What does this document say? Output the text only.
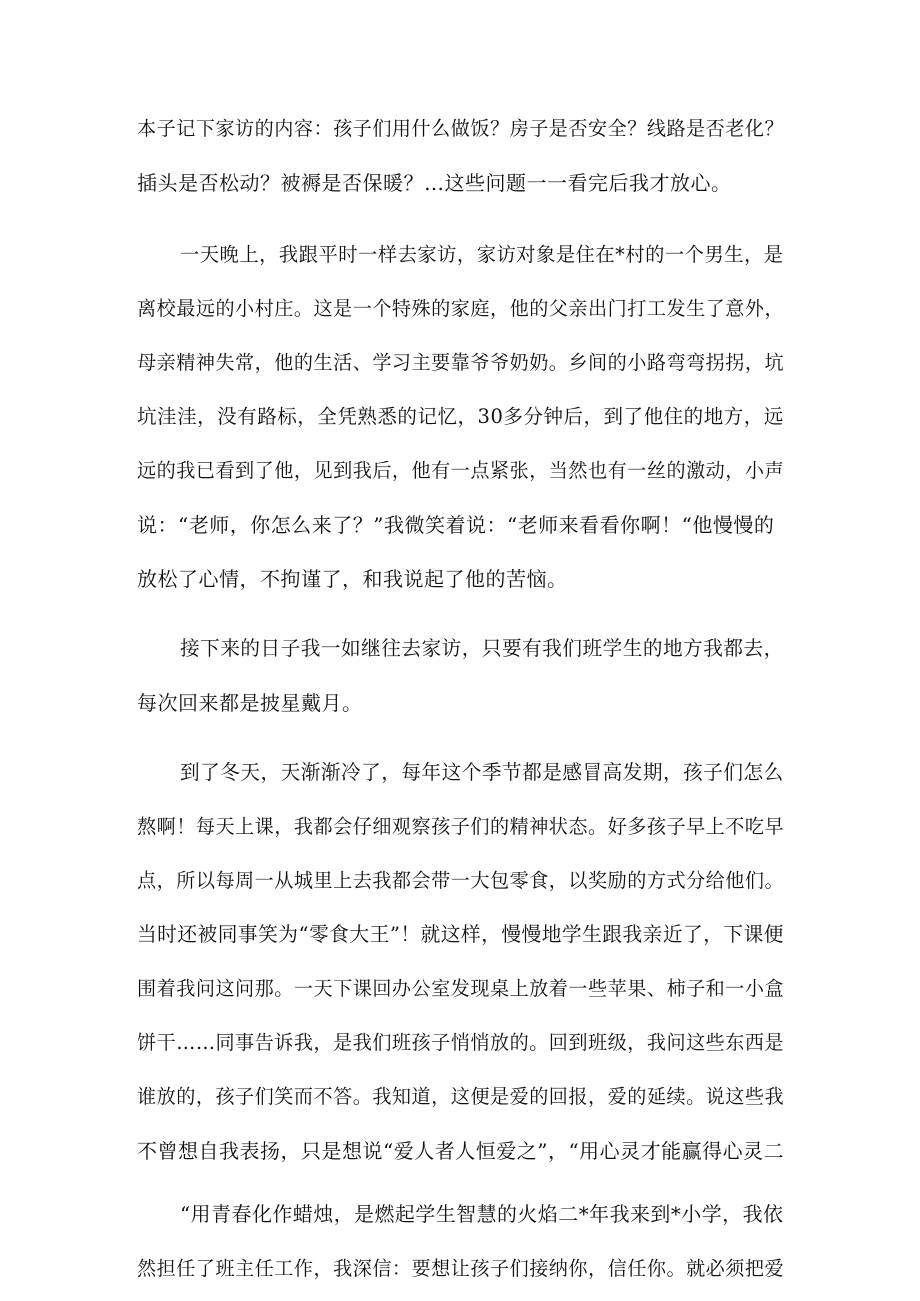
本子记下家访的内容：孩子们用什么做饭？房子是否安全？线路是否老化？
插头是否松动？被褥是否保暖？…这些问题一一看完后我才放心。
一天晚上，我跟平时一样去家访，家访对象是住在*村的一个男生，是
离校最远的小村庄。这是一个特殊的家庭，他的父亲出门打工发生了意外，
母亲精神失常，他的生活、学习主要靠爷爷奶奶。乡间的小路弯弯拐拐，坑
坑洼洼，没有路标，全凭熟悉的记忆，30多分钟后，到了他住的地方，远
远的我已看到了他，见到我后，他有一点紧张，当然也有一丝的激动，小声
说：“老师，你怎么来了？”我微笑着说：“老师来看看你啊！“他慢慢的
放松了心情，不拘谨了，和我说起了他的苦恼。
接下来的日子我一如继往去家访，只要有我们班学生的地方我都去，
每次回来都是披星戴月。
到了冬天，天渐渐冷了，每年这个季节都是感冒高发期，孩子们怎么
熬啊！每天上课，我都会仔细观察孩子们的精神状态。好多孩子早上不吃早
点，所以每周一从城里上去我都会带一大包零食，以奖励的方式分给他们。
当时还被同事笑为“零食大王”！就这样，慢慢地学生跟我亲近了，下课便
围着我问这问那。一天下课回办公室发现桌上放着一些苹果、柿子和一小盒
饼干……同事告诉我，是我们班孩子悄悄放的。回到班级，我问这些东西是
谁放的，孩子们笑而不答。我知道，这便是爱的回报，爱的延续。说这些我
不曾想自我表扬，只是想说“爱人者人恒爱之”，“用心灵才能赢得心灵二
“用青春化作蜡烛，是燃起学生智慧的火焰二*年我来到*小学，我依
然担任了班主任工作，我深信：要想让孩子们接纳你，信任你。就必须把爱
